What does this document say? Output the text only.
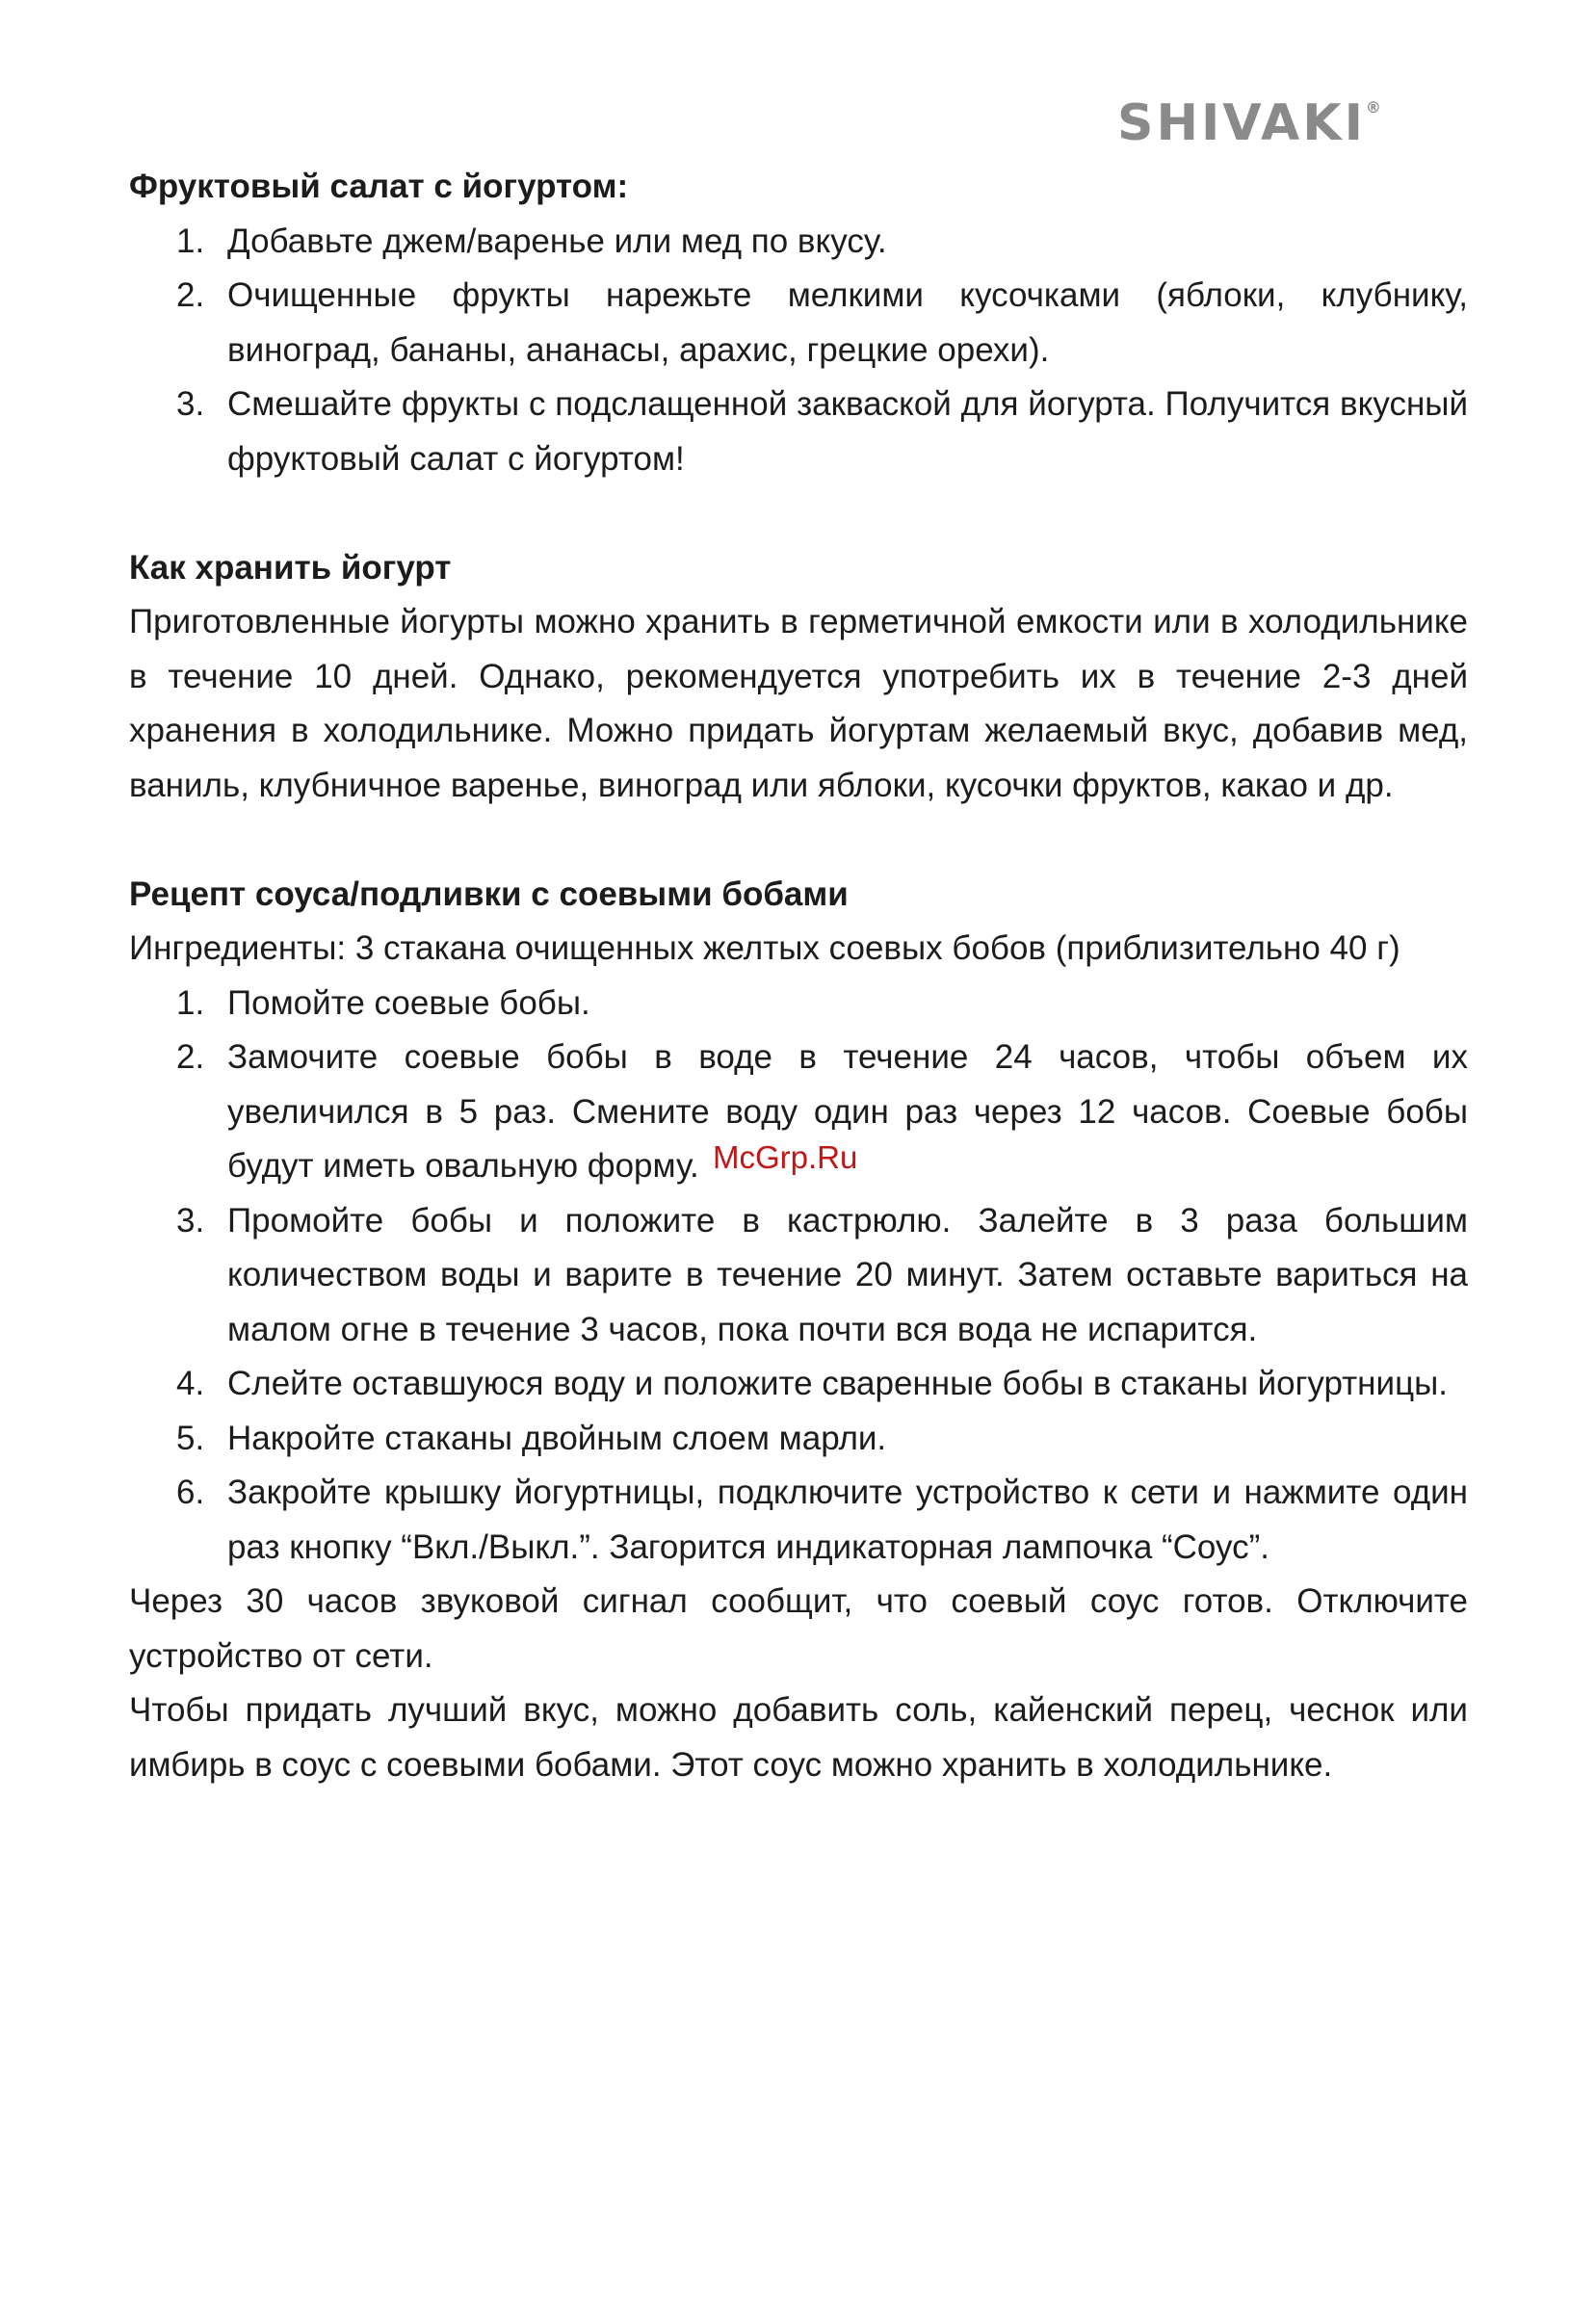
SHIVAKI®

Фруктовый салат с йогуртом:

1. Добавьте джем/варенье или мед по вкусу.
2. Очищенные фрукты нарежьте мелкими кусочками (яблоки, клубнику, виноград, бананы, ананасы, арахис, грецкие орехи).
3. Смешайте фрукты с подслащенной закваской для йогурта. Получится вкусный фруктовый салат с йогуртом!

Как хранить йогурт

Приготовленные йогурты можно хранить в герметичной емкости или в холодильнике в течение 10 дней. Однако, рекомендуется употребить их в течение 2-3 дней хранения в холодильнике. Можно придать йогуртам желаемый вкус, добавив мед, ваниль, клубничное варенье, виноград или яблоки, кусочки фруктов, какао и др.

Рецепт соуса/подливки с соевыми бобами

Ингредиенты: 3 стакана очищенных желтых соевых бобов (приблизительно 40 г)

1. Помойте соевые бобы.
2. Замочите соевые бобы в воде в течение 24 часов, чтобы объем их увеличился в 5 раз. Смените воду один раз через 12 часов. Соевые бобы будут иметь овальную форму.
3. Промойте бобы и положите в кастрюлю. Залейте в 3 раза большим количеством воды и варите в течение 20 минут. Затем оставьте вариться на малом огне в течение 3 часов, пока почти вся вода не испарится.
4. Слейте оставшуюся воду и положите сваренные бобы в стаканы йогуртницы.
5. Накройте стаканы двойным слоем марли.
6. Закройте крышку йогуртницы, подключите устройство к сети и нажмите один раз кнопку “Вкл./Выкл.”. Загорится индикаторная лампочка “Соус”.

Через 30 часов звуковой сигнал сообщит, что соевый соус готов. Отключите устройство от сети.

Чтобы придать лучший вкус, можно добавить соль, кайенский перец, чеснок или имбирь в соус с соевыми бобами. Этот соус можно хранить в холодильнике.

McGrp.Ru
